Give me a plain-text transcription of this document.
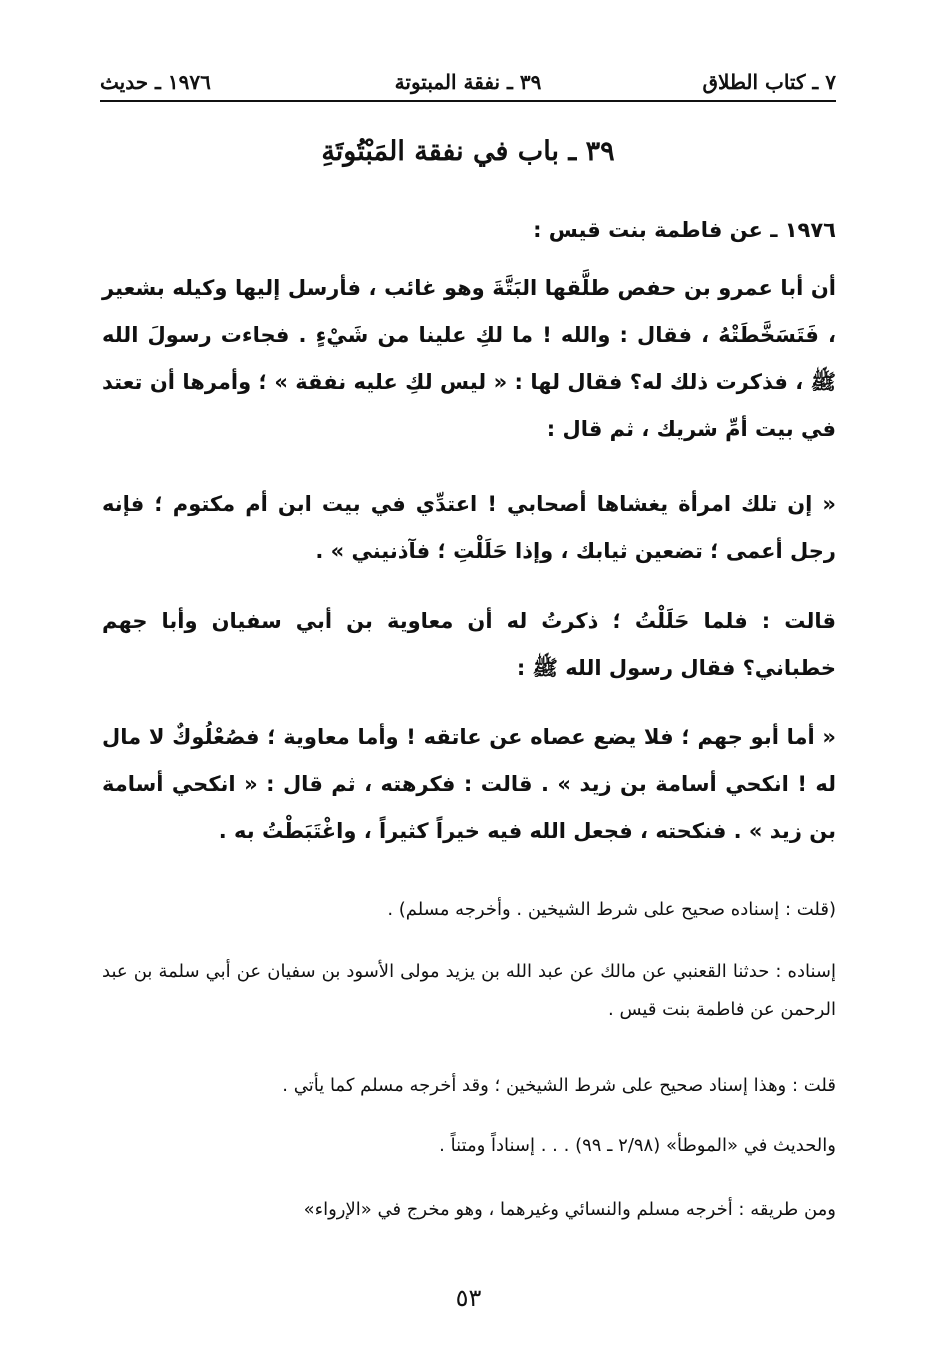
٧ ـ كتاب الطلاق
٣٩ ـ نفقة المبتوتة
١٩٧٦ ـ حديث
٣٩ ـ باب في نفقة المَبْتُوتَةِ
١٩٧٦ ـ عن فاطمة بنت قيس :
أن أبا عمرو بن حفص طلَّقها البَتَّةَ وهو غائب ، فأرسل إليها وكيله بشعير ، فَتَسَخَّطَتْهُ ، فقال : والله ! ما لكِ علينا من شَيْءٍ . فجاءت رسولَ الله ﷺ ، فذكرت ذلك له؟ فقال لها : « ليس لكِ عليه نفقة » ؛ وأمرها أن تعتد في بيت أمِّ شريك ، ثم قال :
« إن تلك امرأة يغشاها أصحابي ! اعتدِّي في بيت ابن أم مكتوم ؛ فإنه رجل أعمى ؛ تضعين ثيابك ، وإذا حَلَلْتِ ؛ فآذنيني » .
قالت : فلما حَلَلْتُ ؛ ذكرتُ له أن معاوية بن أبي سفيان وأبا جهم خطباني؟ فقال رسول الله ﷺ :
« أما أبو جهم ؛ فلا يضع عصاه عن عاتقه ! وأما معاوية ؛ فصُعْلُوكٌ لا مال له ! انكحي أسامة بن زيد » . قالت : فكرهته ، ثم قال : « انكحي أسامة بن زيد » . فنكحته ، فجعل الله فيه خيراً كثيراً ، واغْتَبَطْتُ به .
(قلت : إسناده صحيح على شرط الشيخين . وأخرجه مسلم) .
إسناده : حدثنا القعنبي عن مالك عن عبد الله بن يزيد مولى الأسود بن سفيان عن أبي سلمة بن عبد الرحمن عن فاطمة بنت قيس .
قلت : وهذا إسناد صحيح على شرط الشيخين ؛ وقد أخرجه مسلم كما يأتي .
والحديث في «الموطأ» (٢/٩٨ ـ ٩٩) . . . إسناداً ومتناً .
ومن طريقه : أخرجه مسلم والنسائي وغيرهما ، وهو مخرج في «الإرواء»
٥٣
